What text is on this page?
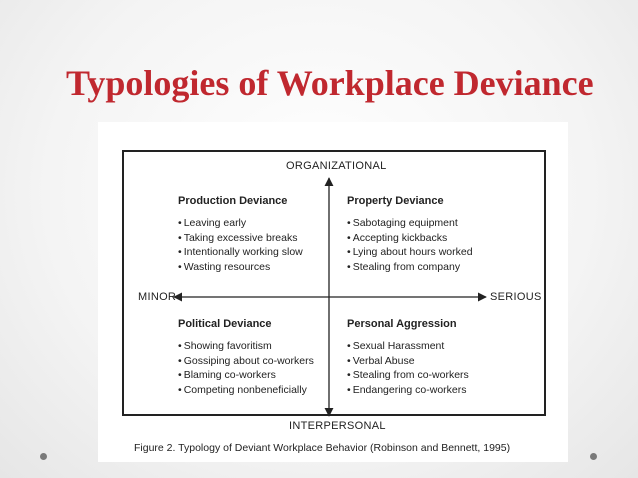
Typologies of Workplace Deviance
ORGANIZATIONAL
INTERPERSONAL
MINOR	SERIOUS
Production Deviance
• Leaving early
• Taking excessive breaks
• Intentionally working slow
• Wasting resources
Property Deviance
• Sabotaging equipment
• Accepting kickbacks
• Lying about hours worked
• Stealing from company
Political Deviance
• Showing favoritism
• Gossiping about co-workers
• Blaming co-workers
• Competing nonbeneficially
Personal Aggression
• Sexual Harassment
• Verbal Abuse
• Stealing from co-workers
• Endangering co-workers
Figure 2. Typology of Deviant Workplace Behavior (Robinson and Bennett, 1995)
